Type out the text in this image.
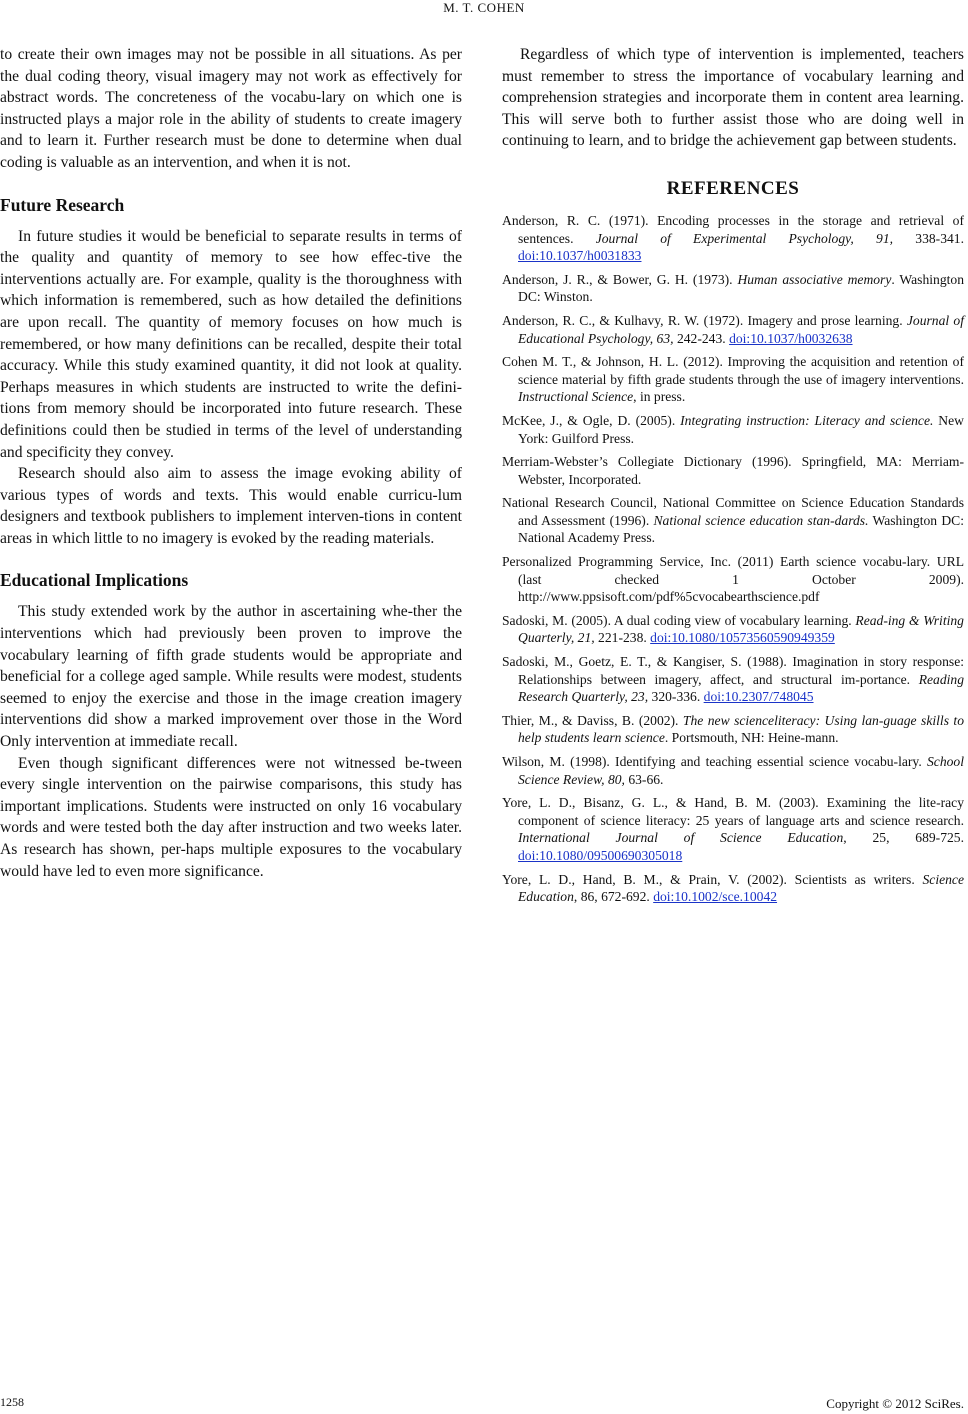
M. T. COHEN

to create their own images may not be possible in all situations. As per the dual coding theory, visual imagery may not work as effectively for abstract words. The concreteness of the vocabu-lary on which one is instructed plays a major role in the ability of students to create imagery and to learn it. Further research must be done to determine when dual coding is valuable as an intervention, and when it is not.

Future Research

In future studies it would be beneficial to separate results in terms of the quality and quantity of memory to see how effec-tive the interventions actually are. For example, quality is the thoroughness with which information is remembered, such as how detailed the definitions are upon recall. The quantity of memory focuses on how much is remembered, or how many definitions can be recalled, despite their total accuracy. While this study examined quantity, it did not look at quality. Perhaps measures in which students are instructed to write the defini-tions from memory should be incorporated into future research. These definitions could then be studied in terms of the level of understanding and specificity they convey.

Research should also aim to assess the image evoking ability of various types of words and texts. This would enable curricu-lum designers and textbook publishers to implement interven-tions in content areas in which little to no imagery is evoked by the reading materials.

Educational Implications

This study extended work by the author in ascertaining whe-ther the interventions which had previously been proven to improve the vocabulary learning of fifth grade students would be appropriate and beneficial for a college aged sample. While results were modest, students seemed to enjoy the exercise and those in the image creation imagery interventions did show a marked improvement over those in the Word Only intervention at immediate recall.

Even though significant differences were not witnessed be-tween every single intervention on the pairwise comparisons, this study has important implications. Students were instructed on only 16 vocabulary words and were tested both the day after instruction and two weeks later. As research has shown, per-haps multiple exposures to the vocabulary would have led to even more significance.

Regardless of which type of intervention is implemented, teachers must remember to stress the importance of vocabulary learning and comprehension strategies and incorporate them in content area learning. This will serve both to further assist those who are doing well in continuing to learn, and to bridge the achievement gap between students.

REFERENCES

Anderson, R. C. (1971). Encoding processes in the storage and retrieval of sentences. Journal of Experimental Psychology, 91, 338-341. doi:10.1037/h0031833

Anderson, J. R., & Bower, G. H. (1973). Human associative memory. Washington DC: Winston.

Anderson, R. C., & Kulhavy, R. W. (1972). Imagery and prose learning. Journal of Educational Psychology, 63, 242-243. doi:10.1037/h0032638

Cohen M. T., & Johnson, H. L. (2012). Improving the acquisition and retention of science material by fifth grade students through the use of imagery interventions. Instructional Science, in press.

McKee, J., & Ogle, D. (2005). Integrating instruction: Literacy and science. New York: Guilford Press.

Merriam-Webster’s Collegiate Dictionary (1996). Springfield, MA: Merriam-Webster, Incorporated.

National Research Council, National Committee on Science Education Standards and Assessment (1996). National science education stan-dards. Washington DC: National Academy Press.

Personalized Programming Service, Inc. (2011) Earth science vocabu-lary. URL (last checked 1 October 2009). http://www.ppsisoft.com/pdf%5cvocabearthscience.pdf

Sadoski, M. (2005). A dual coding view of vocabulary learning. Read-ing & Writing Quarterly, 21, 221-238. doi:10.1080/10573560590949359

Sadoski, M., Goetz, E. T., & Kangiser, S. (1988). Imagination in story response: Relationships between imagery, affect, and structural im-portance. Reading Research Quarterly, 23, 320-336. doi:10.2307/748045

Thier, M., & Daviss, B. (2002). The new scienceliteracy: Using lan-guage skills to help students learn science. Portsmouth, NH: Heine-mann.

Wilson, M. (1998). Identifying and teaching essential science vocabu-lary. School Science Review, 80, 63-66.

Yore, L. D., Bisanz, G. L., & Hand, B. M. (2003). Examining the lite-racy component of science literacy: 25 years of language arts and science research. International Journal of Science Education, 25, 689-725. doi:10.1080/09500690305018

Yore, L. D., Hand, B. M., & Prain, V. (2002). Scientists as writers. Science Education, 86, 672-692. doi:10.1002/sce.10042

1258	Copyright © 2012 SciRes.
